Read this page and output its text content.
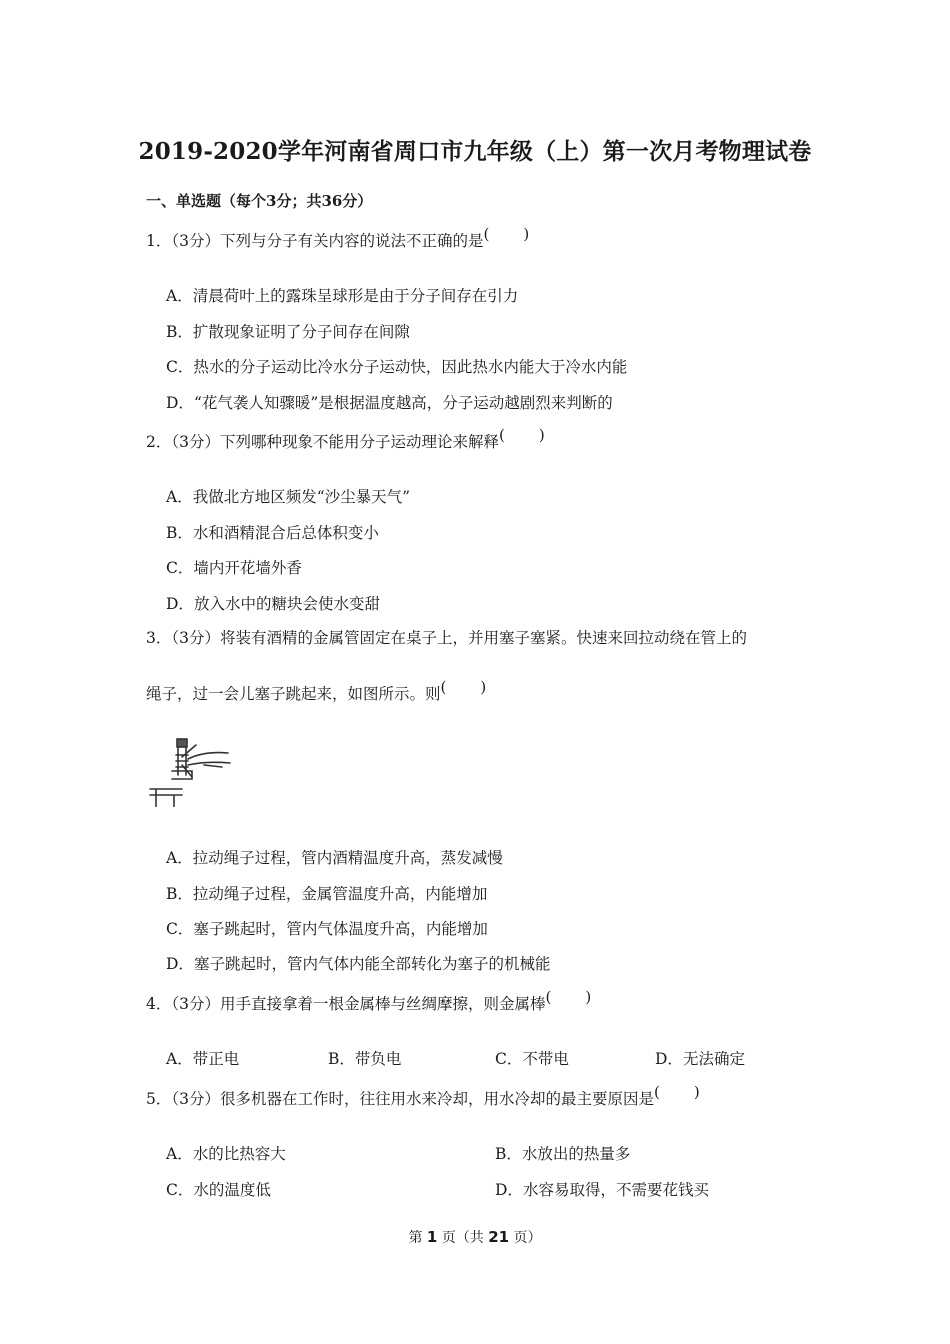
2019-2020学年河南省周口市九年级（上）第一次月考物理试卷
一、单选题（每个3分；共36分）
1．（3分）下列与分子有关内容的说法不正确的是( )
A．清晨荷叶上的露珠呈球形是由于分子间存在引力
B．扩散现象证明了分子间存在间隙
C．热水的分子运动比冷水分子运动快，因此热水内能大于冷水内能
D．“花气袭人知骤暖”是根据温度越高，分子运动越剧烈来判断的
2．（3分）下列哪种现象不能用分子运动理论来解释( )
A．我做北方地区频发“沙尘暴天气”
B．水和酒精混合后总体积变小
C．墙内开花墙外香
D．放入水中的糖块会使水变甜
3．（3分）将装有酒精的金属管固定在桌子上，并用塞子塞紧。快速来回拉动绕在管上的
绳子，过一会儿塞子跳起来，如图所示。则( )
A．拉动绳子过程，管内酒精温度升高，蒸发减慢
B．拉动绳子过程，金属管温度升高，内能增加
C．塞子跳起时，管内气体温度升高，内能增加
D．塞子跳起时，管内气体内能全部转化为塞子的机械能
4．（3分）用手直接拿着一根金属棒与丝绸摩擦，则金属棒( )
A．带正电	B．带负电	C．不带电	D．无法确定
5．（3分）很多机器在工作时，往往用水来冷却，用水冷却的最主要原因是( )
A．水的比热容大	B．水放出的热量多
C．水的温度低	D．水容易取得，不需要花钱买
第 1 页（共 21 页）
